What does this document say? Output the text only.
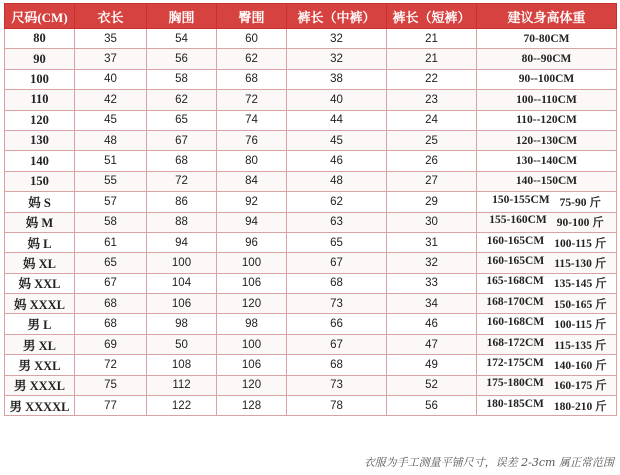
尺码(CM)	衣长	胸围	臀围	裤长（中裤）	裤长（短裤）	建议身高体重
80	35	54	60	32	21	70-80CM

90	37	56	62	32	21	80--90CM

100	40	58	68	38	22	90--100CM

110	42	62	72	40	23	100--110CM

120	45	65	74	44	24	110--120CM

130	48	67	76	45	25	120--130CM

140	51	68	80	46	26	130--140CM

150	55	72	84	48	27	140--150CM

妈 S	57	86	92	62	29	150-155CM 75-90 斤

妈 M	58	88	94	63	30	155-160CM 90-100 斤

妈 L	61	94	96	65	31	160-165CM 100-115 斤

妈 XL	65	100	100	67	32	160-165CM 115-130 斤

妈 XXL	67	104	106	68	33	165-168CM 135-145 斤

妈 XXXL	68	106	120	73	34	168-170CM 150-165 斤

男 L	68	98	98	66	46	160-168CM 100-115 斤

男 XL	69	50	100	67	47	168-172CM 115-135 斤

男 XXL	72	108	106	68	49	172-175CM 140-160 斤

男 XXXL	75	112	120	73	52	175-180CM 160-175 斤

男 XXXXL	77	122	128	78	56	180-185CM 180-210 斤
衣服为手工测量平铺尺寸，误差 2-3cm 属正常范围
